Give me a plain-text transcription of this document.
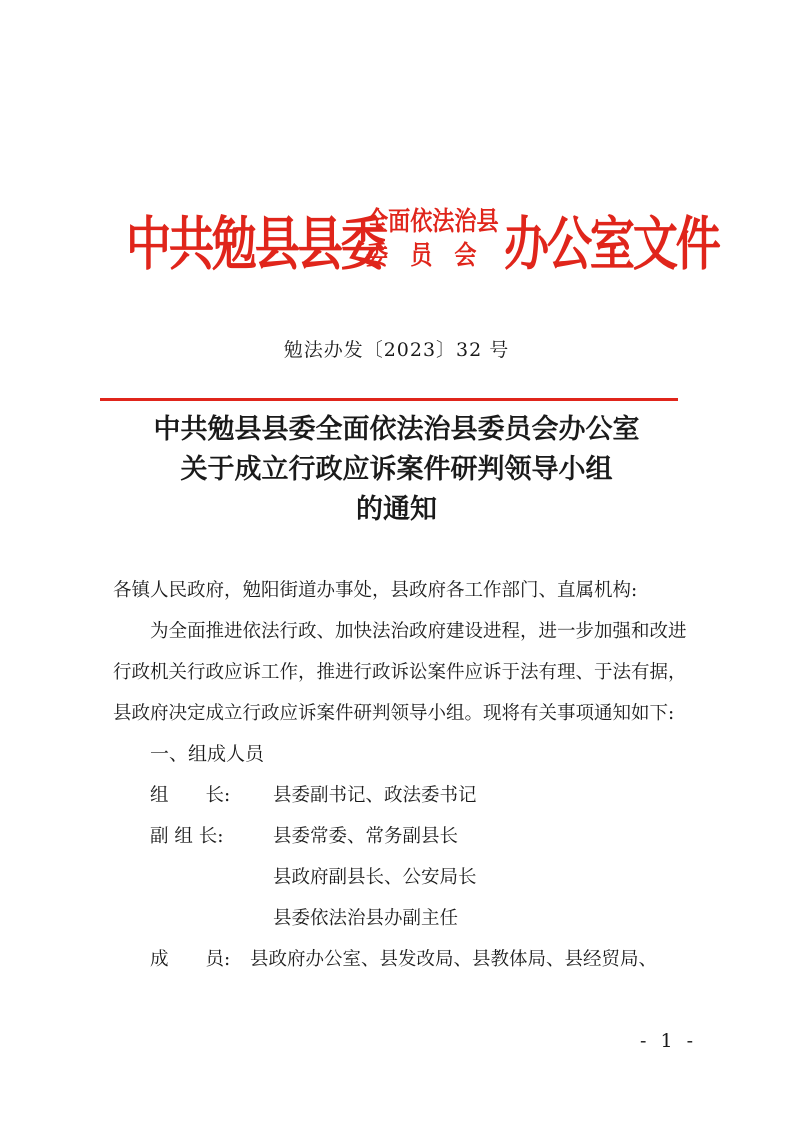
中共勉县县委
全面依法治县
委　员　会 办公室文件
勉法办发〔2023〕32 号
中共勉县县委全面依法治县委员会办公室
关于成立行政应诉案件研判领导小组
的通知

各镇人民政府，勉阳街道办事处，县政府各工作部门、直属机构:

为全面推进依法行政、加快法治政府建设进程，进一步加强和改进行政机关行政应诉工作，推进行政诉讼案件应诉于法有理、于法有据，县政府决定成立行政应诉案件研判领导小组。现将有关事项通知如下:

一、组成人员

组　　长:	县委副书记、政法委书记
副 组 长:	县委常委、常务副县长
县政府副县长、公安局长
县委依法治县办副主任
成　　员:	县政府办公室、县发改局、县教体局、县经贸局、
- 1 -
